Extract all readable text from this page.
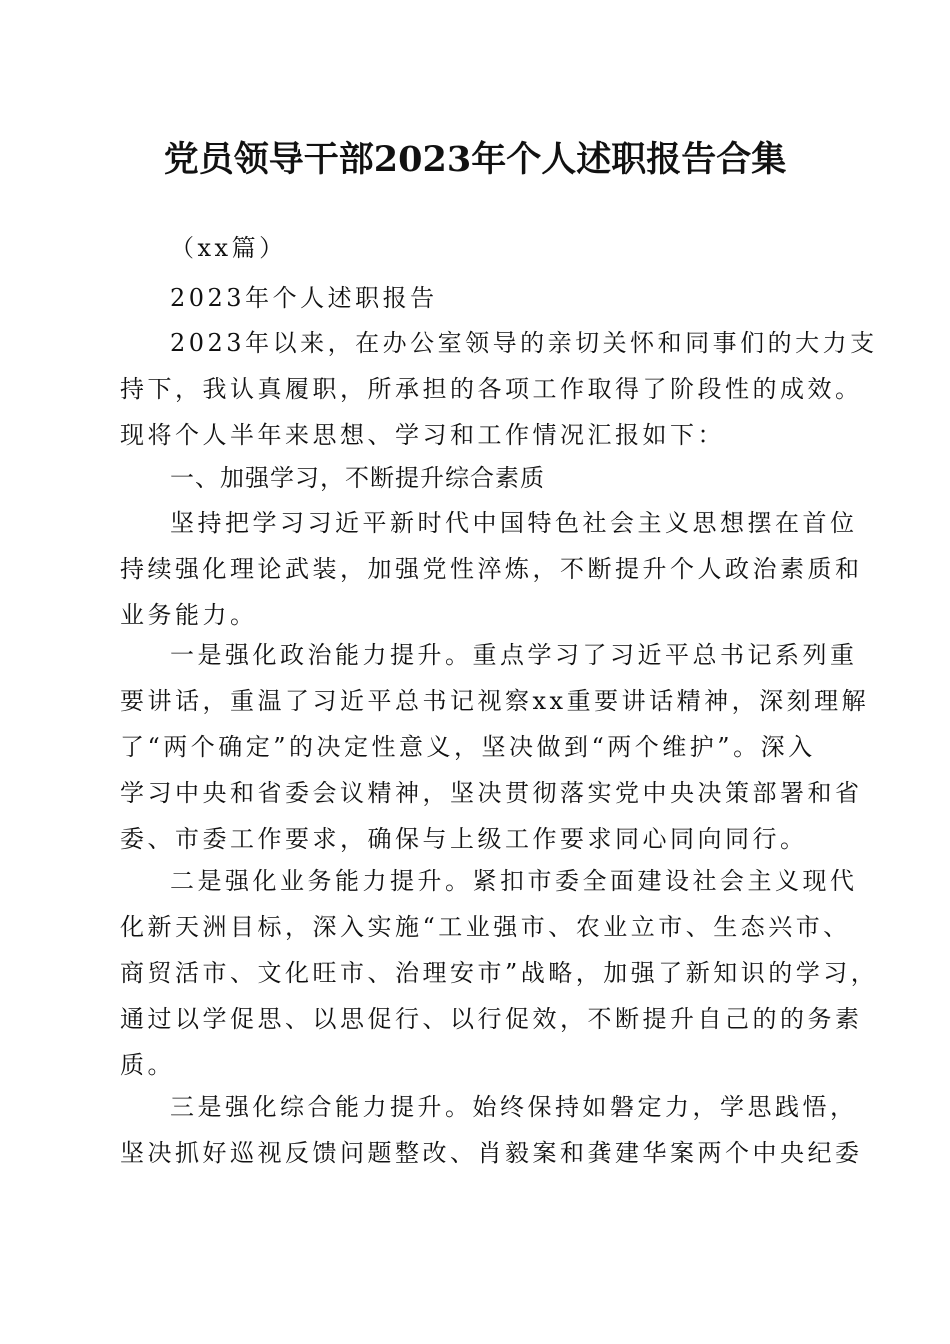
党员领导干部2023年个人述职报告合集
（xx篇）
2023年个人述职报告
2023年以来，在办公室领导的亲切关怀和同事们的大力支
持下，我认真履职，所承担的各项工作取得了阶段性的成效。
现将个人半年来思想、学习和工作情况汇报如下：
一、加强学习，不断提升综合素质
坚持把学习习近平新时代中国特色社会主义思想摆在首位
持续强化理论武装，加强党性淬炼，不断提升个人政治素质和
业务能力。
一是强化政治能力提升。重点学习了习近平总书记系列重
要讲话，重温了习近平总书记视察xx重要讲话精神，深刻理解
了“两个确定”的决定性意义，坚决做到“两个维护”。深入
学习中央和省委会议精神，坚决贯彻落实党中央决策部署和省
委、市委工作要求，确保与上级工作要求同心同向同行。
二是强化业务能力提升。紧扣市委全面建设社会主义现代
化新天洲目标，深入实施“工业强市、农业立市、生态兴市、
商贸活市、文化旺市、治理安市”战略，加强了新知识的学习，
通过以学促思、以思促行、以行促效，不断提升自己的的务素
质。
三是强化综合能力提升。始终保持如磐定力，学思践悟，
坚决抓好巡视反馈问题整改、肖毅案和龚建华案两个中央纪委
